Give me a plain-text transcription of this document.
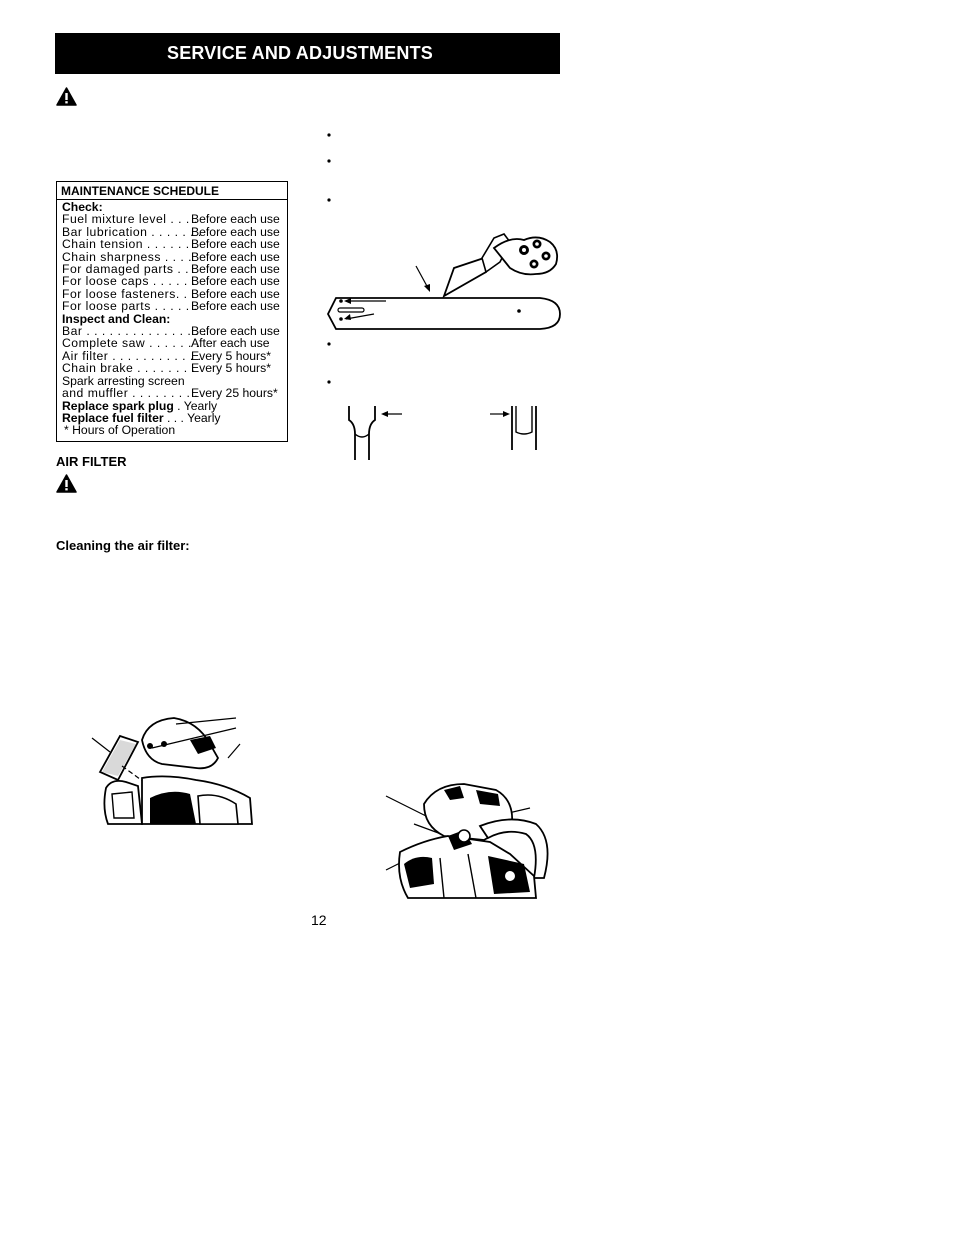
SERVICE AND ADJUSTMENTS
MAINTENANCE SCHEDULE
Check:
Fuel mixture level . . . .
Before each use
Bar lubrication . . . . . . .
Before each use
Chain tension . . . . . . .
Before each use
Chain sharpness . . . .
Before each use
For damaged parts . . Before each use
For loose caps . . . . . .
Before each use
For loose fasteners. . .
Before each use
For loose parts . . . . . .
Before each use
Inspect and Clean:
Bar . . . . . . . . . . . . . . . .
Before each use
Complete saw . . . . . . .
After each use
Air filter . . . . . . . . . . . .
Every 5 hours*
Chain brake . . . . . . . .
Every 5 hours*
Spark arresting screen
and muffler . . . . . . . . .
Every 25 hours*
Replace spark plug
. Yearly
Replace fuel filter
. . . Yearly
* Hours of Operation
AIR FILTER
Cleaning the air filter:
12
